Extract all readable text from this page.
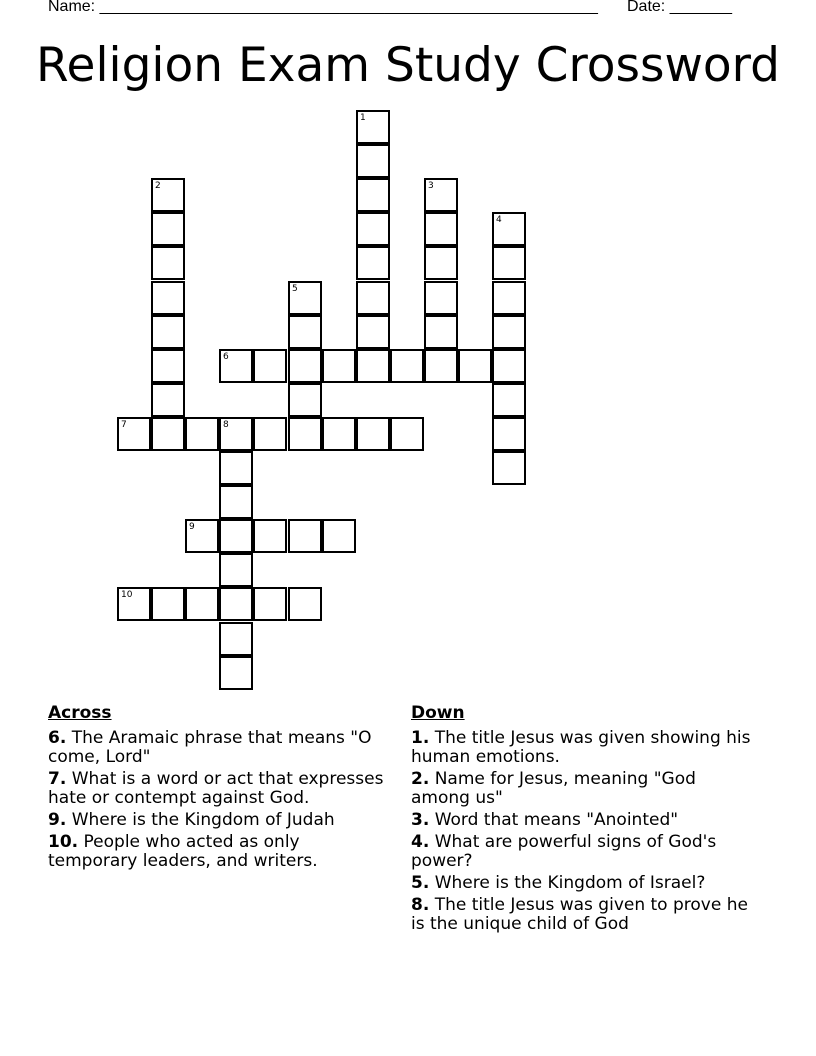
Name: ________________________________________________________ Date: _______
Religion Exam Study Crossword
1
2	3
4
5
6
7	8
9
10
Across
6. The Aramaic phrase that means "O come, Lord"
7. What is a word or act that expresses hate or contempt against God.
9. Where is the Kingdom of Judah
10. People who acted as only temporary leaders, and writers.
Down
1. The title Jesus was given showing his human emotions.
2. Name for Jesus, meaning "God among us"
3. Word that means "Anointed"
4. What are powerful signs of God's power?
5. Where is the Kingdom of Israel?
8. The title Jesus was given to prove he is the unique child of God
